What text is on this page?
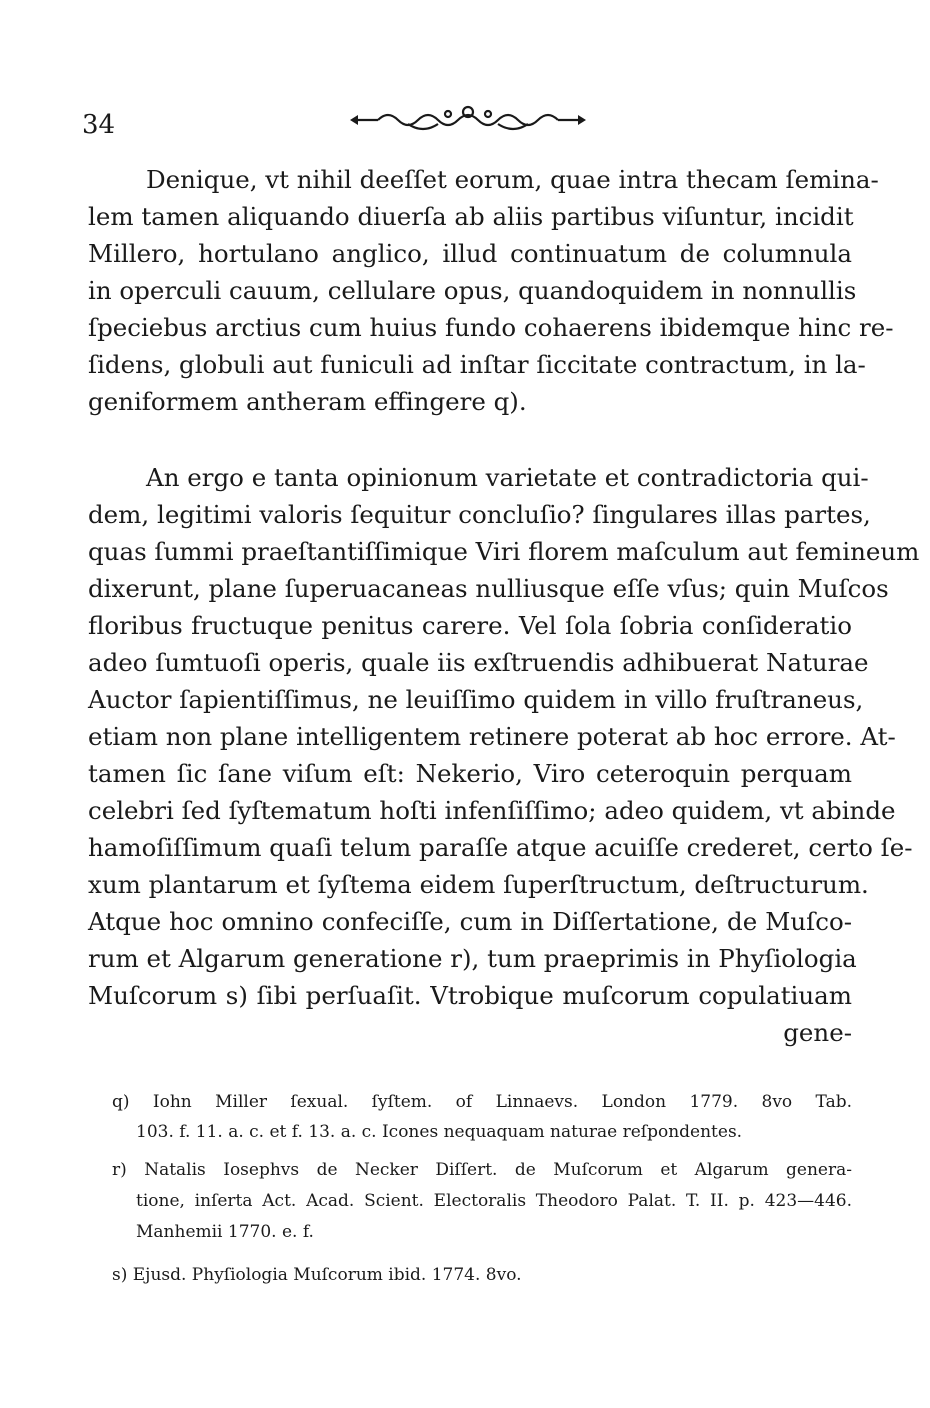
34
Denique, vt nihil deeſſet eorum, quae intra thecam ſemina-
lem tamen aliquando diuerſa ab aliis partibus viſuntur, incidit
Millero, hortulano anglico, illud continuatum de columnula
in operculi cauum, cellulare opus, quandoquidem in nonnullis
ſpeciebus arctius cum huius fundo cohaerens ibidemque hinc re-
ſidens, globuli aut funiculi ad inſtar ſiccitate contractum, in la-
geniformem antheram effingere q).
An ergo e tanta opinionum varietate et contradictoria qui-
dem, legitimi valoris ſequitur concluſio? ſingulares illas partes,
quas ſummi praeſtantiſſimique Viri florem maſculum aut femineum
dixerunt, plane ſuperuacaneas nulliusque eſſe vſus; quin Muſcos
floribus fructuque penitus carere. Vel ſola ſobria conſideratio
adeo ſumtuoſi operis, quale iis exſtruendis adhibuerat Naturae
Auctor ſapientiſſimus, ne leuiſſimo quidem in villo fruſtraneus,
etiam non plane intelligentem retinere poterat ab hoc errore. At-
tamen ſic ſane viſum eſt: Nekerio, Viro ceteroquin perquam
celebri ſed ſyſtematum hoſti infenſiſſimo; adeo quidem, vt abinde
hamoſiſſimum quaſi telum paraſſe atque acuiſſe crederet, certo ſe-
xum plantarum et ſyſtema eidem ſuperſtructum, deſtructurum.
Atque hoc omnino confeciſſe, cum in Diſſertatione, de Muſco-
rum et Algarum generatione r), tum praeprimis in Phyſiologia
Muſcorum s) ſibi perſuaſit. Vtrobique muſcorum copulatiuam
gene-
q) Iohn Miller ſexual. ſyſtem. of Linnaevs. London 1779. 8vo Tab.
103. f. 11. a. c. et f. 13. a. c. Icones nequaquam naturae reſpondentes.
r) Natalis Iosephvs de Necker Diſſert. de Muſcorum et Algarum genera-
tione, inſerta Act. Acad. Scient. Electoralis Theodoro Palat. T. II. p. 423—446.
Manhemii 1770. e. f.
s) Ejusd. Phyſiologia Muſcorum ibid. 1774. 8vo.
